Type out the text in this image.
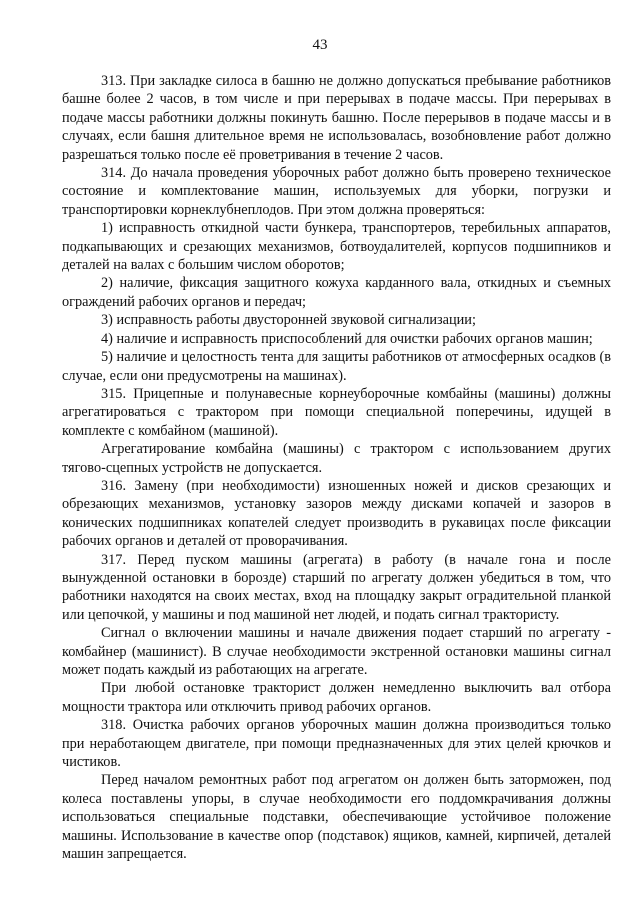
43

313. При закладке силоса в башню не должно допускаться пребывание работников башне более 2 часов, в том числе и при перерывах в подаче массы. При перерывах в подаче массы работники должны покинуть башню. После перерывов в подаче массы и в случаях, если башня длительное время не использовалась, возобновление работ должно разрешаться только после её проветривания в течение 2 часов.

314. До начала проведения уборочных работ должно быть проверено техническое состояние и комплектование машин, используемых для уборки, погрузки и транспортировки корнеклубнеплодов. При этом должна проверяться:

1) исправность откидной части бункера, транспортеров, теребильных аппаратов, подкапывающих и срезающих механизмов, ботвоудалителей, корпусов подшипников и деталей на валах с большим числом оборотов;

2) наличие, фиксация защитного кожуха карданного вала, откидных и съемных ограждений рабочих органов и передач;

3) исправность работы двусторонней звуковой сигнализации;

4) наличие и исправность приспособлений для очистки рабочих органов машин;

5) наличие и целостность тента для защиты работников от атмосферных осадков (в случае, если они предусмотрены на машинах).

315. Прицепные и полунавесные корнеуборочные комбайны (машины) должны агрегатироваться с трактором при помощи специальной поперечины, идущей в комплекте с комбайном (машиной).

Агрегатирование комбайна (машины) с трактором с использованием других тягово-сцепных устройств не допускается.

316. Замену (при необходимости) изношенных ножей и дисков срезающих и обрезающих механизмов, установку зазоров между дисками копачей и зазоров в конических подшипниках копателей следует производить в рукавицах после фиксации рабочих органов и деталей от проворачивания.

317. Перед пуском машины (агрегата) в работу (в начале гона и после вынужденной остановки в борозде) старший по агрегату должен убедиться в том, что работники находятся на своих местах, вход на площадку закрыт оградительной планкой или цепочкой, у машины и под машиной нет людей, и подать сигнал трактористу.

Сигнал о включении машины и начале движения подает старший по агрегату - комбайнер (машинист). В случае необходимости экстренной остановки машины сигнал может подать каждый из работающих на агрегате.

При любой остановке тракторист должен немедленно выключить вал отбора мощности трактора или отключить привод рабочих органов.

318. Очистка рабочих органов уборочных машин должна производиться только при неработающем двигателе, при помощи предназначенных для этих целей крючков и чистиков.

Перед началом ремонтных работ под агрегатом он должен быть заторможен, под колеса поставлены упоры, в случае необходимости его поддомкрачивания должны использоваться специальные подставки, обеспечивающие устойчивое положение машины. Использование в качестве опор (подставок) ящиков, камней, кирпичей, деталей машин запрещается.
